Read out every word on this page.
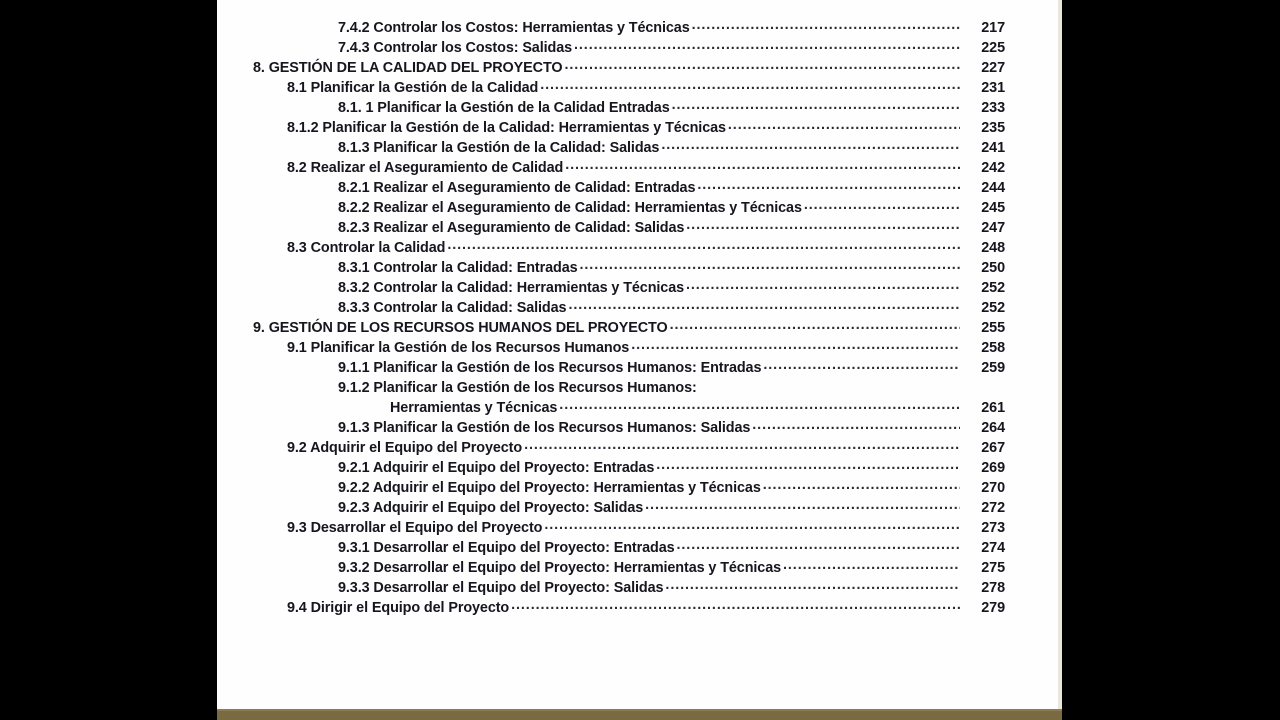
7.4.2 Controlar los Costos: Herramientas y Técnicas .....	217
7.4.3 Controlar los Costos: Salidas .....	225
8. GESTIÓN DE LA CALIDAD DEL PROYECTO .....	227
8.1 Planificar la Gestión de la Calidad .....	231
8.1. 1 Planificar la Gestión de la Calidad Entradas .....	233
8.1.2 Planificar la Gestión de la Calidad: Herramientas y Técnicas .....	235
8.1.3 Planificar la Gestión de la Calidad: Salidas .....	241
8.2 Realizar el Aseguramiento de Calidad .....	242
8.2.1 Realizar el Aseguramiento de Calidad: Entradas .....	244
8.2.2 Realizar el Aseguramiento de Calidad: Herramientas y Técnicas .....	245
8.2.3 Realizar el Aseguramiento de Calidad: Salidas .....	247
8.3 Controlar la Calidad .....	248
8.3.1 Controlar la Calidad: Entradas .....	250
8.3.2 Controlar la Calidad: Herramientas y Técnicas .....	252
8.3.3 Controlar la Calidad: Salidas .....	252
9. GESTIÓN DE LOS RECURSOS HUMANOS DEL PROYECTO .....	255
9.1 Planificar la Gestión de los Recursos Humanos .....	258
9.1.1 Planificar la Gestión de los Recursos Humanos: Entradas .....	259
9.1.2 Planificar la Gestión de los Recursos Humanos:
Herramientas y Técnicas .....	261
9.1.3 Planificar la Gestión de los Recursos Humanos: Salidas .....	264
9.2 Adquirir el Equipo del Proyecto .....	267
9.2.1 Adquirir el Equipo del Proyecto: Entradas .....	269
9.2.2 Adquirir el Equipo del Proyecto: Herramientas y Técnicas .....	270
9.2.3 Adquirir el Equipo del Proyecto: Salidas .....	272
9.3 Desarrollar el Equipo del Proyecto .....	273
9.3.1 Desarrollar el Equipo del Proyecto: Entradas .....	274
9.3.2 Desarrollar el Equipo del Proyecto: Herramientas y Técnicas .....	275
9.3.3 Desarrollar el Equipo del Proyecto: Salidas .....	278
9.4 Dirigir el Equipo del Proyecto .....	279
